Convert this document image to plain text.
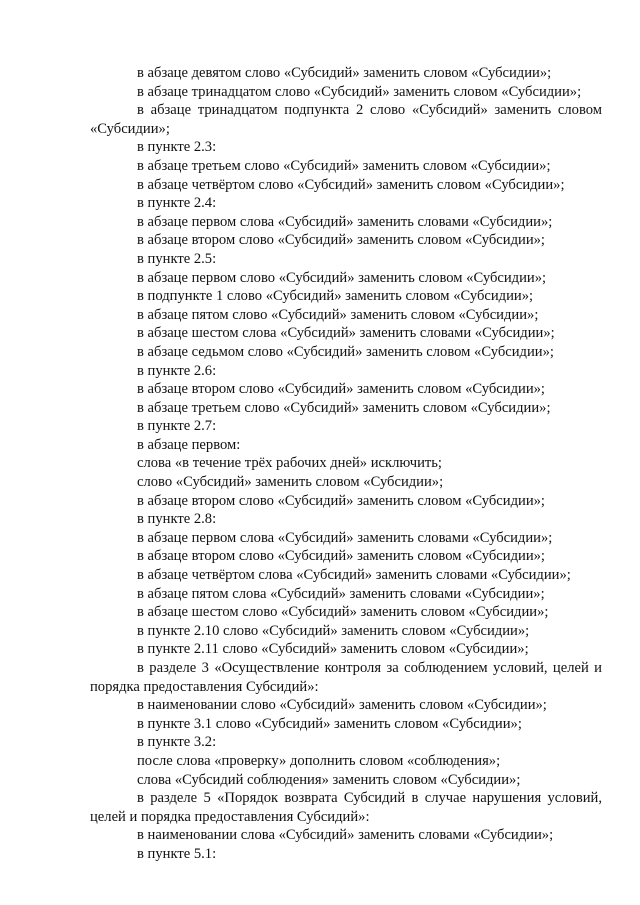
в абзаце девятом слово «Субсидий» заменить словом «Субсидии»;

в абзаце тринадцатом слово «Субсидий» заменить словом «Субсидии»;

в абзаце тринадцатом подпункта 2 слово «Субсидий» заменить словом «Субсидии»;

в пункте 2.3:

в абзаце третьем слово «Субсидий» заменить словом «Субсидии»;

в абзаце четвёртом слово «Субсидий» заменить словом «Субсидии»;

в пункте 2.4:

в абзаце первом слова «Субсидий» заменить словами «Субсидии»;

в абзаце втором слово «Субсидий» заменить словом «Субсидии»;

в пункте 2.5:

в абзаце первом слово «Субсидий» заменить словом «Субсидии»;

в подпункте 1 слово «Субсидий» заменить словом «Субсидии»;

в абзаце пятом слово «Субсидий» заменить словом «Субсидии»;

в абзаце шестом слова «Субсидий» заменить словами «Субсидии»;

в абзаце седьмом слово «Субсидий» заменить словом «Субсидии»;

в пункте 2.6:

в абзаце втором слово «Субсидий» заменить словом «Субсидии»;

в абзаце третьем слово «Субсидий» заменить словом «Субсидии»;

в пункте 2.7:

в абзаце первом:

слова «в течение трёх рабочих дней» исключить;

слово «Субсидий» заменить словом «Субсидии»;

в абзаце втором слово «Субсидий» заменить словом «Субсидии»;

в пункте 2.8:

в абзаце первом слова «Субсидий» заменить словами «Субсидии»;

в абзаце втором слово «Субсидий» заменить словом «Субсидии»;

в абзаце четвёртом слова «Субсидий» заменить словами «Субсидии»;

в абзаце пятом слова «Субсидий» заменить словами «Субсидии»;

в абзаце шестом слово «Субсидий» заменить словом «Субсидии»;

в пункте 2.10 слово «Субсидий» заменить словом «Субсидии»;

в пункте 2.11 слово «Субсидий» заменить словом «Субсидии»;

в разделе 3 «Осуществление контроля за соблюдением условий, целей и порядка предоставления Субсидий»:

в наименовании слово «Субсидий» заменить словом «Субсидии»;

в пункте 3.1 слово «Субсидий» заменить словом «Субсидии»;

в пункте 3.2:

после слова «проверку» дополнить словом «соблюдения»;

слова «Субсидий соблюдения» заменить словом «Субсидии»;

в разделе 5 «Порядок возврата Субсидий в случае нарушения условий, целей и порядка предоставления Субсидий»:

в наименовании слова «Субсидий» заменить словами «Субсидии»;

в пункте 5.1:
